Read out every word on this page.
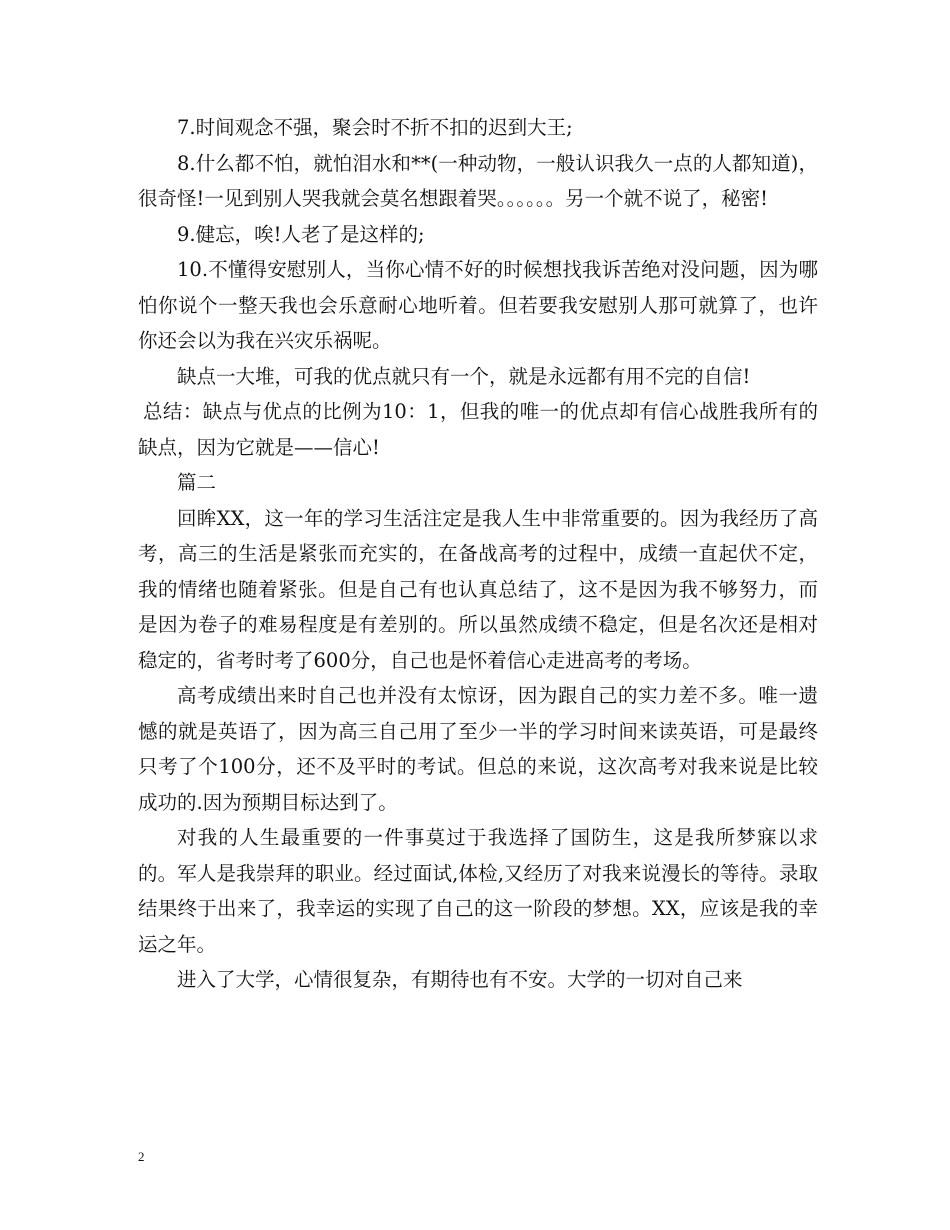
7.时间观念不强，聚会时不折不扣的迟到大王;

8.什么都不怕，就怕泪水和**(一种动物，一般认识我久一点的人都知道)，很奇怪!一见到别人哭我就会莫名想跟着哭。。。。。。另一个就不说了，秘密!

9.健忘，唉!人老了是这样的;

10.不懂得安慰别人，当你心情不好的时候想找我诉苦绝对没问题，因为哪怕你说个一整天我也会乐意耐心地听着。但若要我安慰别人那可就算了，也许你还会以为我在兴灾乐祸呢。

缺点一大堆，可我的优点就只有一个，就是永远都有用不完的自信!

总结：缺点与优点的比例为10：1，但我的唯一的优点却有信心战胜我所有的缺点，因为它就是——信心!

篇二

回眸XX，这一年的学习生活注定是我人生中非常重要的。因为我经历了高考，高三的生活是紧张而充实的，在备战高考的过程中，成绩一直起伏不定，我的情绪也随着紧张。但是自己有也认真总结了，这不是因为我不够努力，而是因为卷子的难易程度是有差别的。所以虽然成绩不稳定，但是名次还是相对稳定的，省考时考了600分，自己也是怀着信心走进高考的考场。

高考成绩出来时自己也并没有太惊讶，因为跟自己的实力差不多。唯一遗憾的就是英语了，因为高三自己用了至少一半的学习时间来读英语，可是最终只考了个100分，还不及平时的考试。但总的来说，这次高考对我来说是比较成功的.因为预期目标达到了。

对我的人生最重要的一件事莫过于我选择了国防生，这是我所梦寐以求的。军人是我崇拜的职业。经过面试,体检,又经历了对我来说漫长的等待。录取结果终于出来了，我幸运的实现了自己的这一阶段的梦想。XX，应该是我的幸运之年。

进入了大学，心情很复杂，有期待也有不安。大学的一切对自己来

2
